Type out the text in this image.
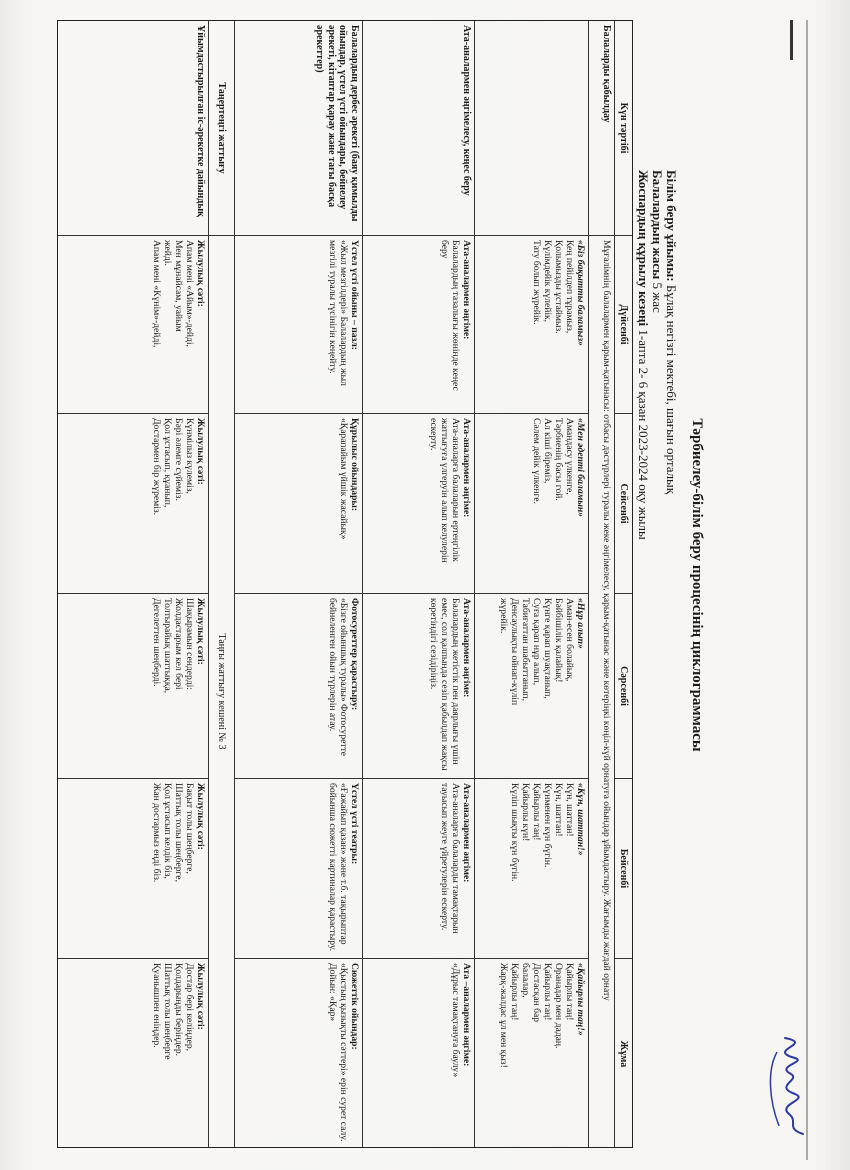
Тәрбиелеу-білім беру процесінің циклограммасы
Білім беру ұйымы: Бұлақ негізгі мектебі, шағын орталық
Балалардың жасы 5 жас
Жоспардың құрылу кезеңі 1-апта 2- 6 қазан 2023-2024 оқу жылы
Күн тәртібі
Дүйсенбі
Сейсенбі
Сәрсенбі
Бейсенбі
Жұма
Балаларды қабылдау
Мұғалімнің балалармен қарым-қатынасы: отбасы дәстүрлері туралы жеке әңгімелесу, қарым-қатынас және көтеріңкі көңіл-күй орнатуға ойындар ұйымдастыру. Жағымды жағдай орнату
«Біз бақытты баламыз»
Кең пейілдеп тұрамыз,
Қолымызды ұстаймыз.
Күлімдейік күлейік,
Тату болып жүрейік.
«Мен әдепті баламын»
Амандасу үлкенге,
Тәрбиенің басы гой.
Ал кіші біреміз,
Сәлем дейік үлкенге.
«Нұр алып»
Аман-есен болайық,
Бәйбішілік қалайық!
Күнге қарап шуақтанып,
Суға қарап нұр алып,
Табиғаттан шабыттанып,
Денсаулықты ойнап-күліп
жүрейік.
«Күн, шаттан!»
Күн, шаттан!
Күн, шаттан!
Күнменен күн бүгін.
Қайырлы таң!
Қайырлы күн!
Күліп шықты күн бүгін.
«Қайырлы таң!»
Қайырлы таң!
Оранадар мен дадаң.
Қайырлы таң!
Достасқан бар
балалар,
Қайырлы таң!
Жарқ-жалдас ұл мен қыз!
Ата-аналармен әңгімелесу, кеңес беру
Ата-аналармен әңгіме:
Балалардың тазалығы жөнінде кеңес беру
Ата-аналармен әңгіме:
Ата-аналарға балаларын ертеңгілік жаттығуға үлгеруін алып келулерін ескерту.
Ата-аналармен әңгіме:
Балалардың жетістік пен даярлығы үшін емес, сол қалпында сезіп қабылдап жақсы көретіндігі сезідіріңіз.
Ата-аналармен әңгіме:
Ата-аналарға балаларды тамақтарын тауысып жеуге үйретулерін ескерту.
Ата –аналармен әңгіме:
«Дұрыс тамақтануға баулу»
Балалардың дербес әрекеті (баяу қимылды ойындар, үстел үсті ойындары, бейнелеу әрекеті, кітаптар қарау және тағы басқа әрекеттер)
Үстел үсті ойыны – пазл:
«Жыл мезгілдері» Балалардың жыл мезгілі туралы түсінігін кеңейту.
Құрылыс ойындары:
«Қарапайым үйшік жасайық»
Фотосуреттер қарастыру:
«Бізге ойыншық туралы» Фотосуретте бейнеленген ойын түрлерін атау.
Үстел үсті театры:
«Ғажайып қазан» және т.б. тақырыптар бойынша сюжетті картиналар қарастыру.
Сюжеттік ойындар:
«Қыстың қызықты сәттері» ерін сурет салу. Дойын: «Қар»
Таңертеңгі жаттығу
Таңғы жаттығу кешені № 3
Ұйымдастырылған іс-әрекетке дайындық
Жылулық сәті:
Апам мені «Айым»-дейді,
Мен мұнайсам, уайым
жейді.
Апам мені «Күнім»-дейді,
Жылулық сәті:
Күнмілыз күлеміз,
Бәрі әлемге сүйеміз.
Қол ұстасып, құанып,
Достармен бір жүреміз.
Жылулық сәті:
Шақырамын сендерді:
Жолдастарым кел бері
Толтырайық шаттыққа,
Дегелеттен шеңберді.
Жылулық сәті:
Бақыт толы шеңберге,
Шаттық толы шеңберге,
Қол ұстасып келдік біз,
Жан достармыз еңді біз.
Жылулық сәті:
Достар бері келіңдер,
Қолдарыңды беріңдер.
Шаттық толы шеңберге
Қуанышпен еніңдер.
